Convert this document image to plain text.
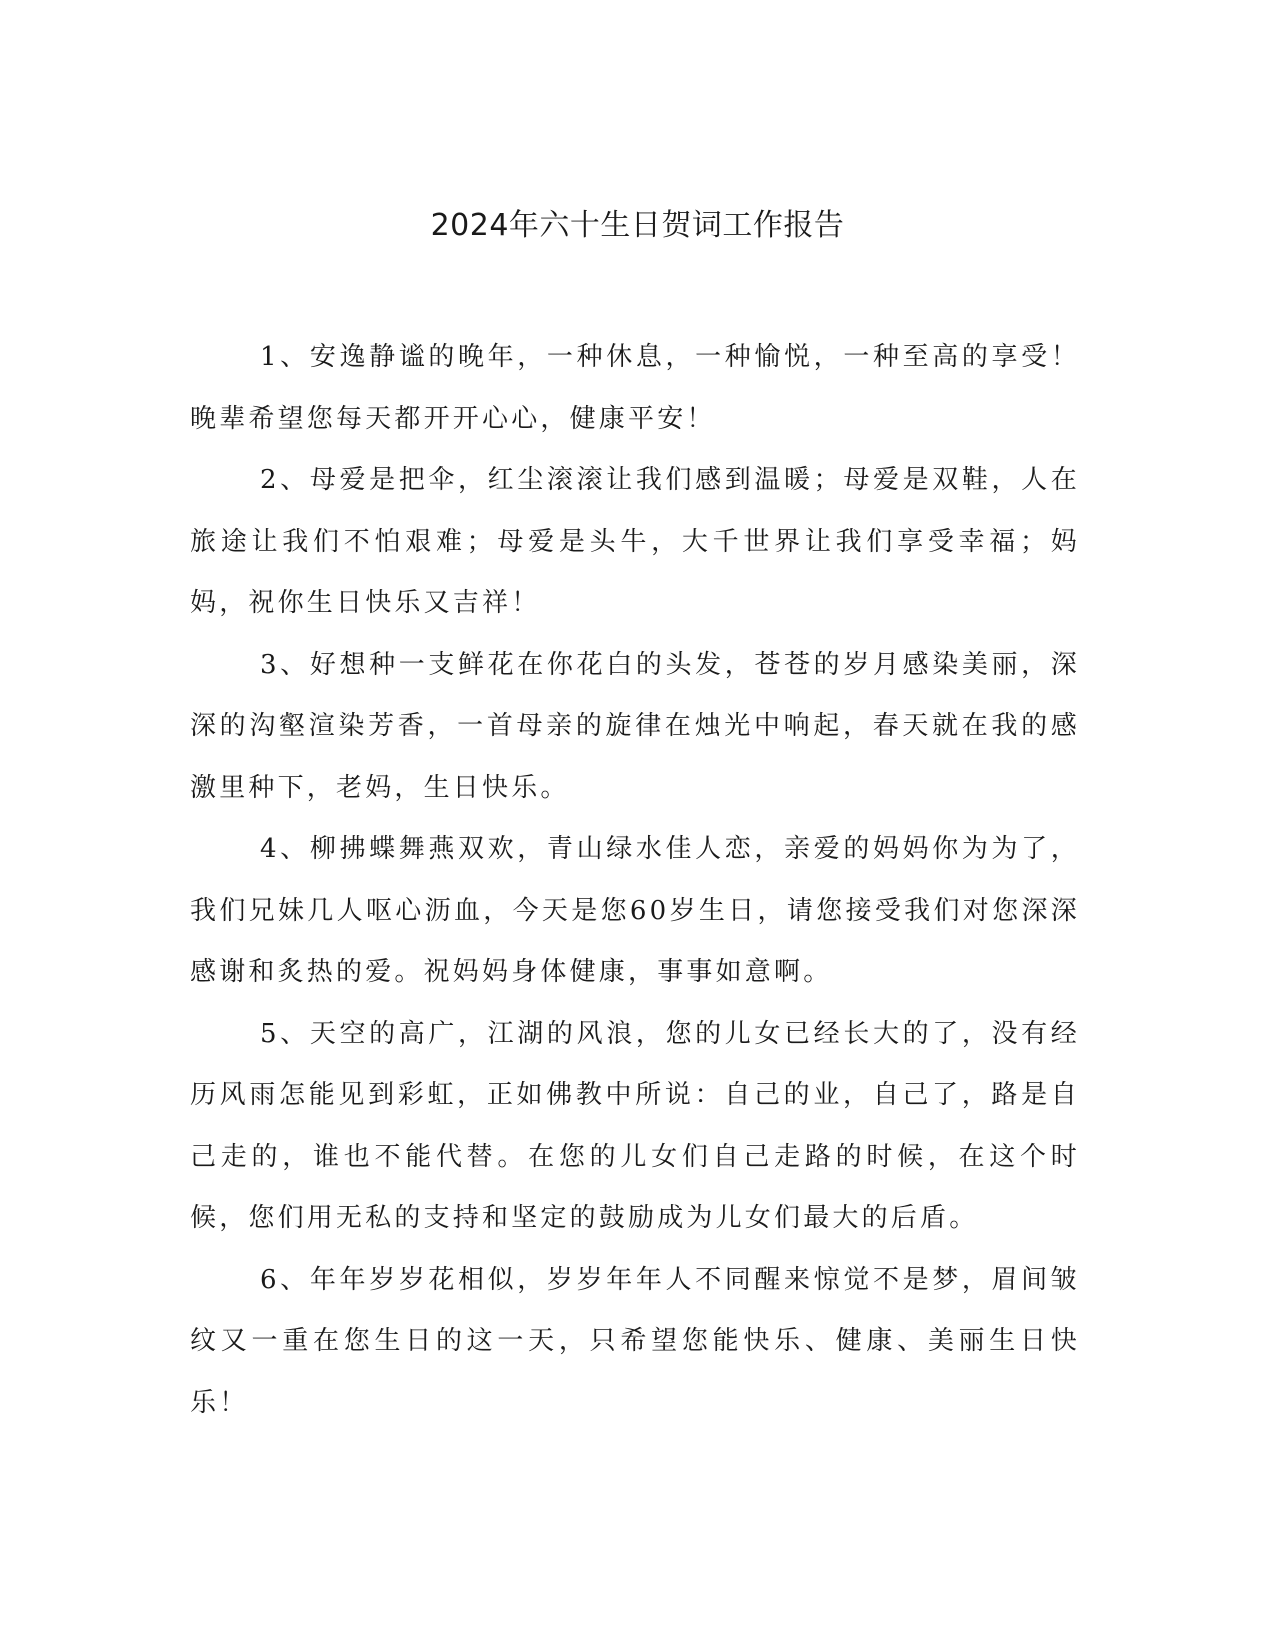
2024年六十生日贺词工作报告

1、安逸静谧的晚年，一种休息，一种愉悦，一种至高的享受！晚辈希望您每天都开开心心，健康平安！

2、母爱是把伞，红尘滚滚让我们感到温暖；母爱是双鞋，人在旅途让我们不怕艰难；母爱是头牛，大千世界让我们享受幸福；妈妈，祝你生日快乐又吉祥！

3、好想种一支鲜花在你花白的头发，苍苍的岁月感染美丽，深深的沟壑渲染芳香，一首母亲的旋律在烛光中响起，春天就在我的感激里种下，老妈，生日快乐。

4、柳拂蝶舞燕双欢，青山绿水佳人恋，亲爱的妈妈你为为了，我们兄妹几人呕心沥血，今天是您60岁生日，请您接受我们对您深深感谢和炙热的爱。祝妈妈身体健康，事事如意啊。

5、天空的高广，江湖的风浪，您的儿女已经长大的了，没有经历风雨怎能见到彩虹，正如佛教中所说：自己的业，自己了，路是自己走的，谁也不能代替。在您的儿女们自己走路的时候，在这个时候，您们用无私的支持和坚定的鼓励成为儿女们最大的后盾。

6、年年岁岁花相似，岁岁年年人不同醒来惊觉不是梦，眉间皱纹又一重在您生日的这一天，只希望您能快乐、健康、美丽生日快乐！
